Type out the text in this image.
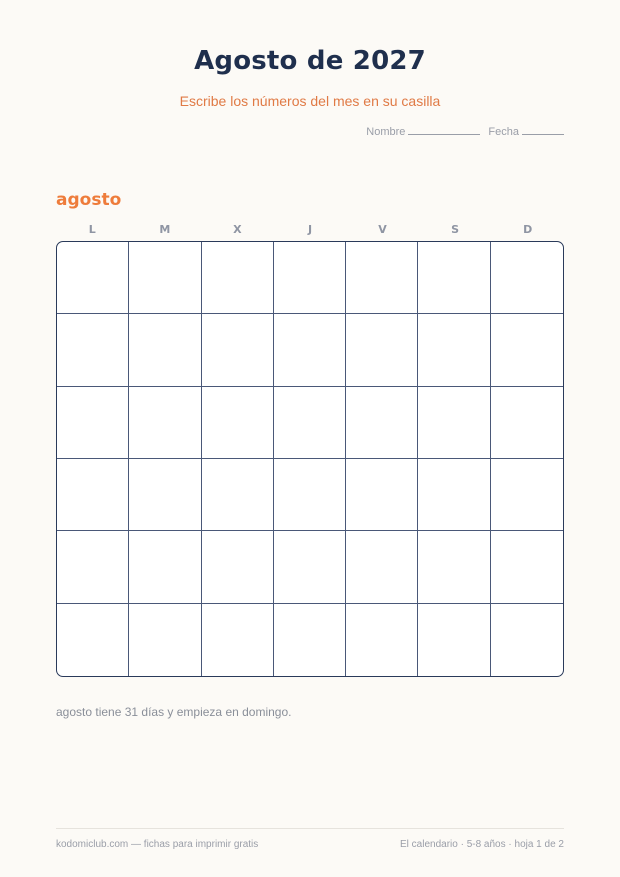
Agosto de 2027
Escribe los números del mes en su casilla
Nombre	Fecha
agosto
L	M	X	J	V	S	D
agosto tiene 31 días y empieza en domingo.
kodomiclub.com — fichas para imprimir gratis	El calendario · 5-8 años · hoja 1 de 2
